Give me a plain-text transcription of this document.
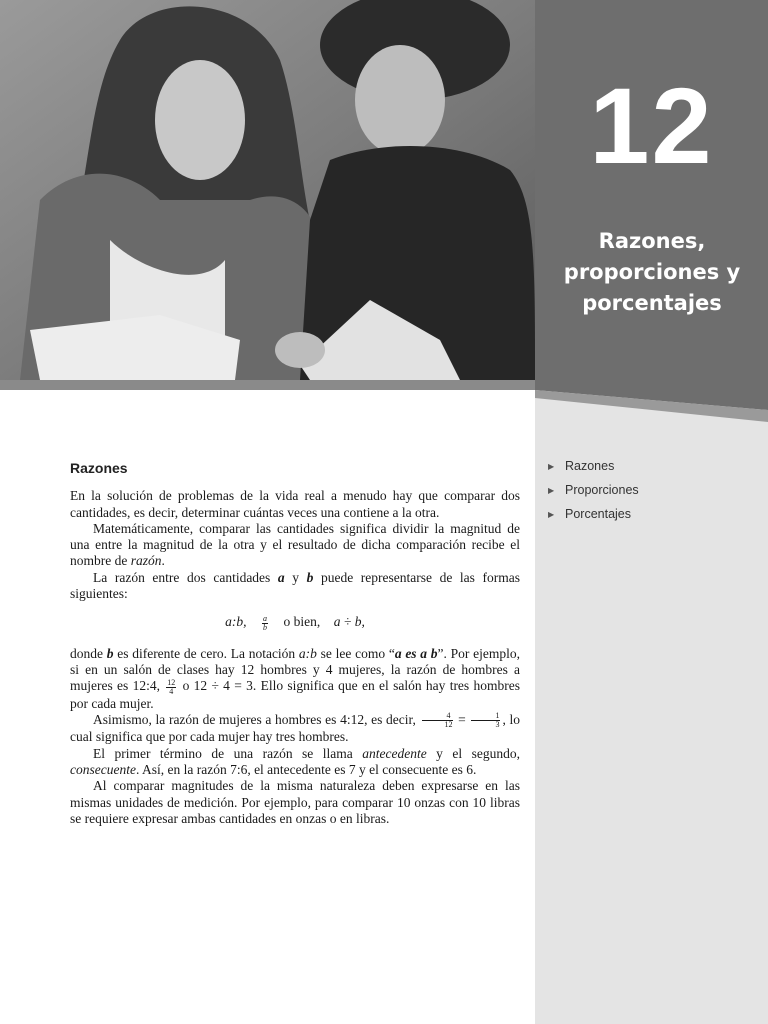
12
Razones,
proporciones y
porcentajes
▶ Razones
▶ Proporciones
▶ Porcentajes
Razones

En la solución de problemas de la vida real a menudo hay que comparar dos cantidades, es decir, determinar cuántas veces una contiene a la otra.

Matemáticamente, comparar las cantidades significa dividir la magnitud de una entre la magnitud de la otra y el resultado de dicha comparación recibe el nombre de razón.

La razón entre dos cantidades a y b puede representarse de las formas siguientes:

a:b, $\frac{a}{b}$ o bien, a ÷ b,

donde b es diferente de cero. La notación a:b se lee como “a es a b”. Por ejemplo, si en un salón de clases hay 12 hombres y 4 mujeres, la razón de hombres a mujeres es 12:4, $\frac{12}{4}$ o 12 ÷ 4 = 3. Ello significa que en el salón hay tres hombres por cada mujer.

Asimismo, la razón de mujeres a hombres es 4:12, es decir, $\frac{4}{12} = \frac{1}{3}$ , lo cual significa que por cada mujer hay tres hombres.

El primer término de una razón se llama antecedente y el segundo, consecuente. Así, en la razón 7:6, el antecedente es 7 y el consecuente es 6.

Al comparar magnitudes de la misma naturaleza deben expresarse en las mismas unidades de medición. Por ejemplo, para comparar 10 onzas con 10 libras se requiere expresar ambas cantidades en onzas o en libras.
